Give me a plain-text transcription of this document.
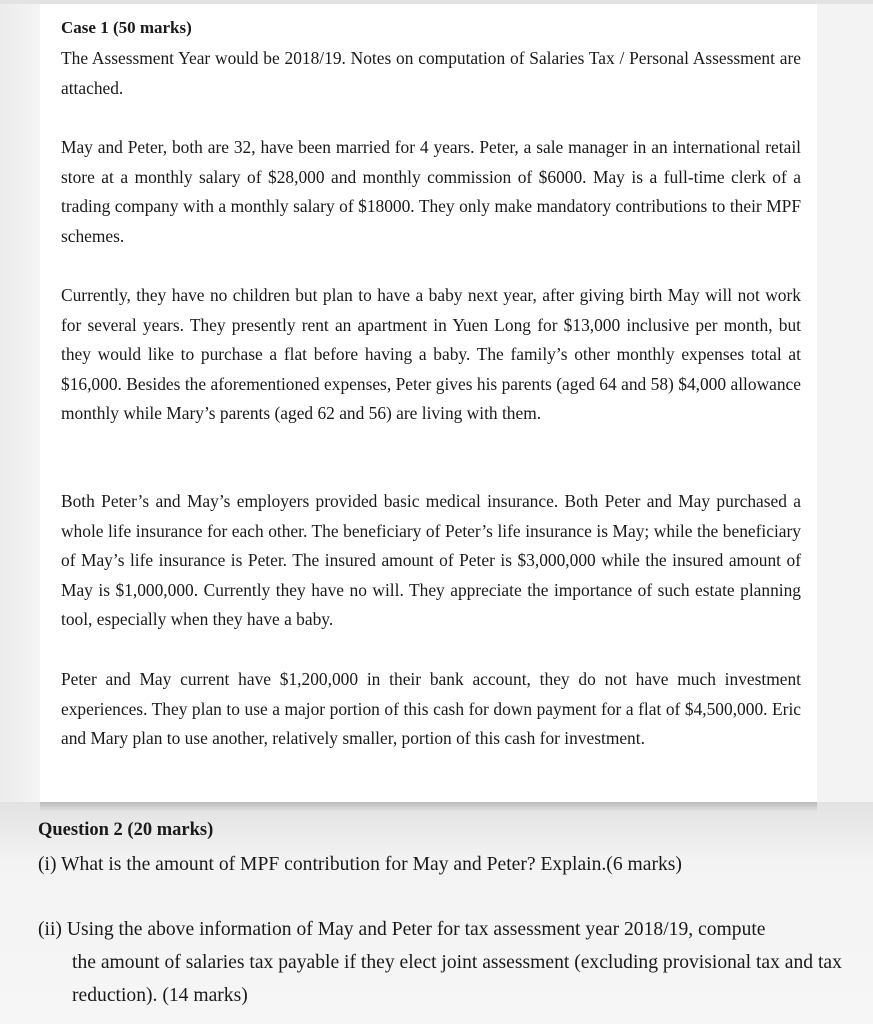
Case 1 (50 marks)

The Assessment Year would be 2018/19. Notes on computation of Salaries Tax / Personal Assessment are attached.

May and Peter, both are 32, have been married for 4 years. Peter, a sale manager in an international retail store at a monthly salary of $28,000 and monthly commission of $6000. May is a full-time clerk of a trading company with a monthly salary of $18000. They only make mandatory contributions to their MPF schemes.

Currently, they have no children but plan to have a baby next year, after giving birth May will not work for several years. They presently rent an apartment in Yuen Long for $13,000 inclusive per month, but they would like to purchase a flat before having a baby. The family’s other monthly expenses total at $16,000. Besides the aforementioned expenses, Peter gives his parents (aged 64 and 58) $4,000 allowance monthly while Mary’s parents (aged 62 and 56) are living with them.

Both Peter’s and May’s employers provided basic medical insurance. Both Peter and May purchased a whole life insurance for each other. The beneficiary of Peter’s life insurance is May; while the beneficiary of May’s life insurance is Peter. The insured amount of Peter is $3,000,000 while the insured amount of May is $1,000,000. Currently they have no will. They appreciate the importance of such estate planning tool, especially when they have a baby.

Peter and May current have $1,200,000 in their bank account, they do not have much investment experiences. They plan to use a major portion of this cash for down payment for a flat of $4,500,000. Eric and Mary plan to use another, relatively smaller, portion of this cash for investment.

Question 2 (20 marks)

(i) What is the amount of MPF contribution for May and Peter? Explain.(6 marks)

(ii) Using the above information of May and Peter for tax assessment year 2018/19, compute
the amount of salaries tax payable if they elect joint assessment (excluding provisional tax and tax reduction). (14 marks)
